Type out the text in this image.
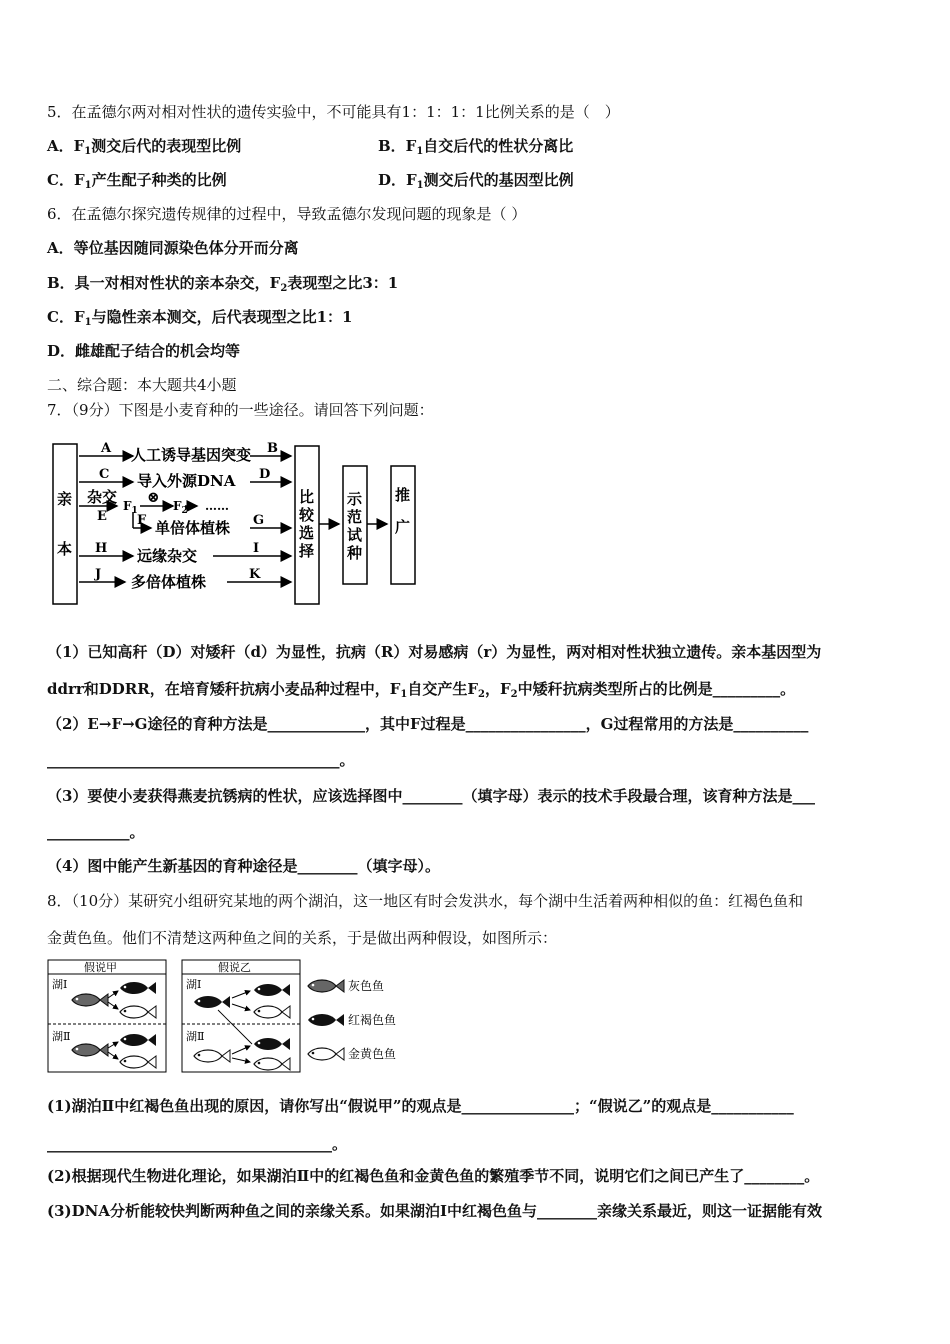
5．在孟德尔两对相对性状的遗传实验中，不可能具有1：1：1：1比例关系的是（　）
A．$F_1$测交后代的表现型比例	B．$F_1$自交后代的性状分离比
C．$F_1$产生配子种类的比例	D．$F_1$测交后代的基因型比例
6．在孟德尔探究遗传规律的过程中，导致孟德尔发现问题的现象是（ ）
A．等位基因随同源染色体分开而分离
B．具一对相对性状的亲本杂交，$F_2$表现型之比3：1
C．$F_1$与隐性亲本测交，后代表现型之比1：1
D．雌雄配子结合的机会均等
二、综合题：本大题共4小题
7．（9分）下图是小麦育种的一些途径。请回答下列问题：
亲
本
比
较
选
择
示
范
试
种
推
广
A 人工诱导基因突变 B
C 导入外源DNA D
杂交
E
$F_1$
⊗ $F_2$ ……
F 单倍体植株 G
H 远缘杂交	I
J 多倍体植株	K
（1）已知高秆（D）对矮秆（d）为显性，抗病（R）对易感病（r）为显性，两对相对性状独立遗传。亲本基因型为
ddrr和DDRR，在培育矮秆抗病小麦品种过程中，$F_1$自交产生$F_2$，$F_2$中矮秆抗病类型所占的比例是_________。
（2）E→F→G途径的育种方法是_____________，其中F过程是________________，G过程常用的方法是__________
_______________________________________。
（3）要使小麦获得燕麦抗锈病的性状，应该选择图中________（填字母）表示的技术手段最合理，该育种方法是___
___________。
（4）图中能产生新基因的育种途径是________（填字母）。
8．（10分）某研究小组研究某地的两个湖泊，这一地区有时会发洪水，每个湖中生活着两种相似的鱼：红褐色鱼和
金黄色鱼。他们不清楚这两种鱼之间的关系，于是做出两种假设，如图所示：
假说甲
湖Ⅰ
湖Ⅱ
假说乙
湖Ⅰ
湖Ⅱ
灰色鱼
红褐色鱼
金黄色鱼
(1)湖泊Ⅱ中红褐色鱼出现的原因，请你写出“假说甲”的观点是_______________；“假说乙”的观点是___________
______________________________________。
(2)根据现代生物进化理论，如果湖泊Ⅱ中的红褐色鱼和金黄色鱼的繁殖季节不同，说明它们之间已产生了________。
(3)DNA分析能较快判断两种鱼之间的亲缘关系。如果湖泊Ⅰ中红褐色鱼与________亲缘关系最近，则这一证据能有效
